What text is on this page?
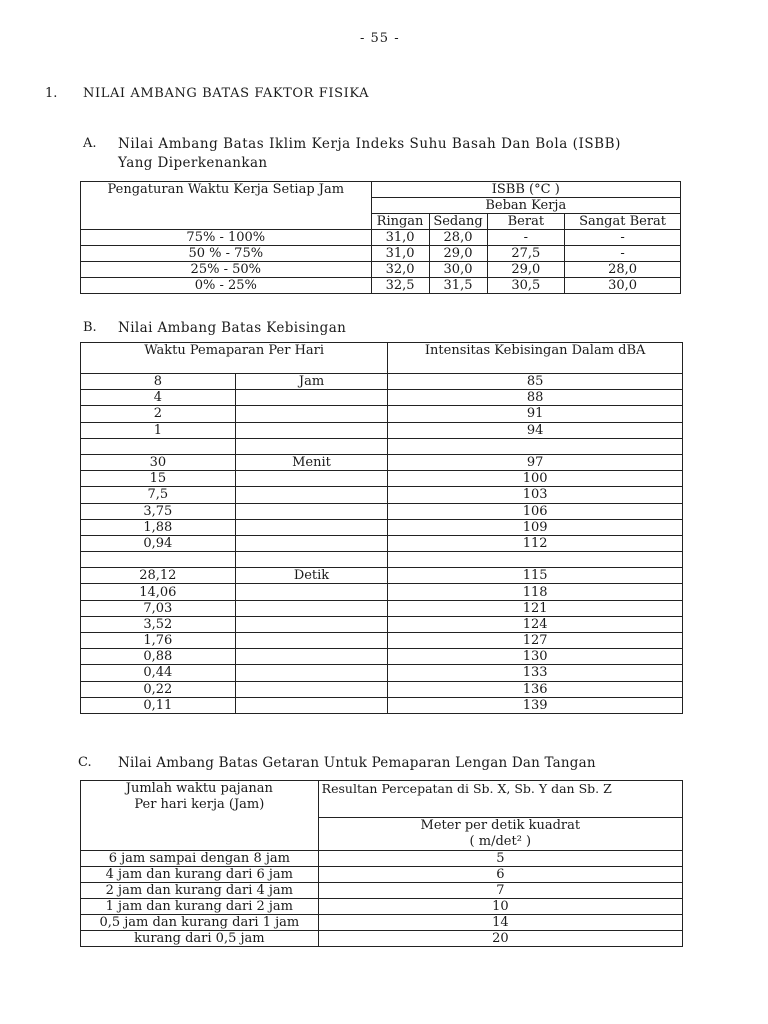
- 55 -
1. NILAI AMBANG BATAS FAKTOR FISIKA
A. Nilai Ambang Batas Iklim Kerja Indeks Suhu Basah Dan Bola (ISBB)
Yang Diperkenankan
Pengaturan Waktu Kerja Setiap Jam	ISBB (°C )			
	Beban Kerja			
	Ringan	Sedang	Berat	Sangat Berat
75% - 100%	31,0	28,0	-	-
50 % - 75%	31,0	29,0	27,5	-
25% - 50%	32,0	30,0	29,0	28,0
0% - 25%	32,5	31,5	30,5	30,0
B. Nilai Ambang Batas Kebisingan
Waktu Pemaparan Per Hari		Intensitas Kebisingan Dalam dBA
8	Jam	85
4		88
2		91
1		94

30	Menit	97
15		100
7,5		103
3,75		106
1,88		109
0,94		112

28,12	Detik	115
14,06		118
7,03		121
3,52		124
1,76		127
0,88		130
0,44		133
0,22		136
0,11		139
C. Nilai Ambang Batas Getaran Untuk Pemaparan Lengan Dan Tangan
Jumlah waktu pajanan
Per hari kerja (Jam)	Resultan Percepatan di Sb. X, Sb. Y dan Sb. Z
	Meter per detik kuadrat
( m/det² )
6 jam sampai dengan 8 jam	5
4 jam dan kurang dari 6 jam	6
2 jam dan kurang dari 4 jam	7
1 jam dan kurang dari 2 jam	10
0,5 jam dan kurang dari 1 jam	14
kurang dari 0,5 jam	20
